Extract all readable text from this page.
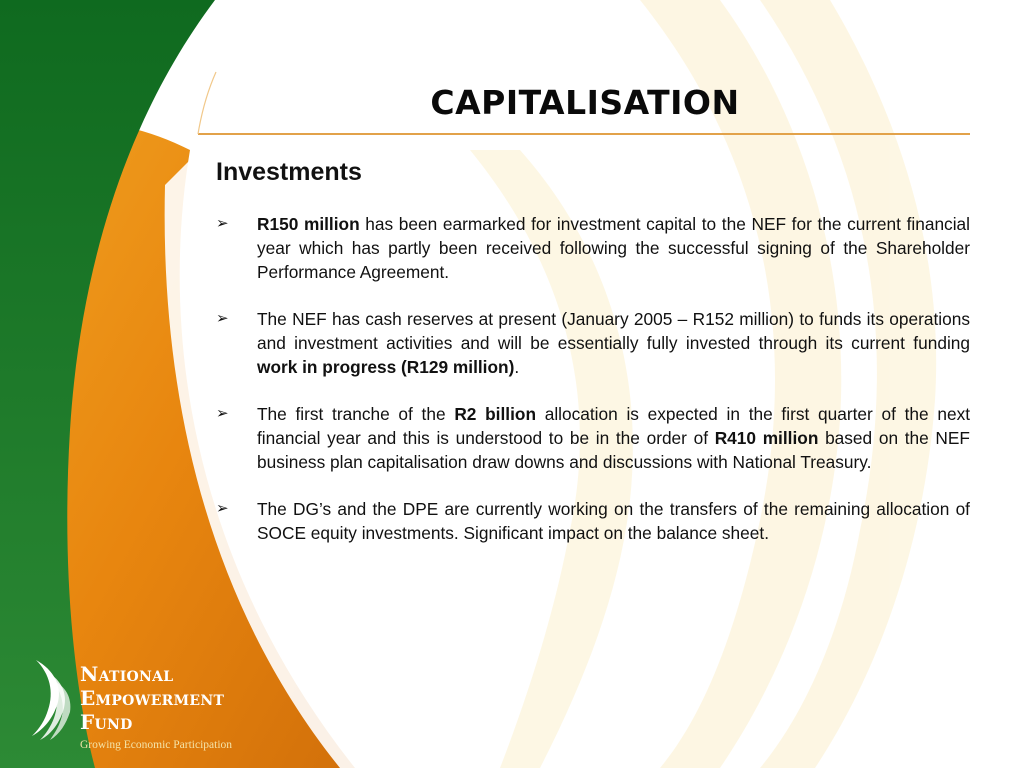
CAPITALISATION
Investments
➢ R150 million has been earmarked for investment capital to the NEF for the current financial year which has partly been received following the successful signing of the Shareholder Performance Agreement.
➢ The NEF has cash reserves at present (January 2005 – R152 million) to funds its operations and investment activities and will be essentially fully invested through its current funding work in progress (R129 million).
➢ The first tranche of the R2 billion allocation is expected in the first quarter of the next financial year and this is understood to be in the order of R410 million based on the NEF business plan capitalisation draw downs and discussions with National Treasury.
➢ The DG’s and the DPE are currently working on the transfers of the remaining allocation of SOCE equity investments. Significant impact on the balance sheet.
NATIONAL
EMPOWERMENT
FUND
Growing Economic Participation
